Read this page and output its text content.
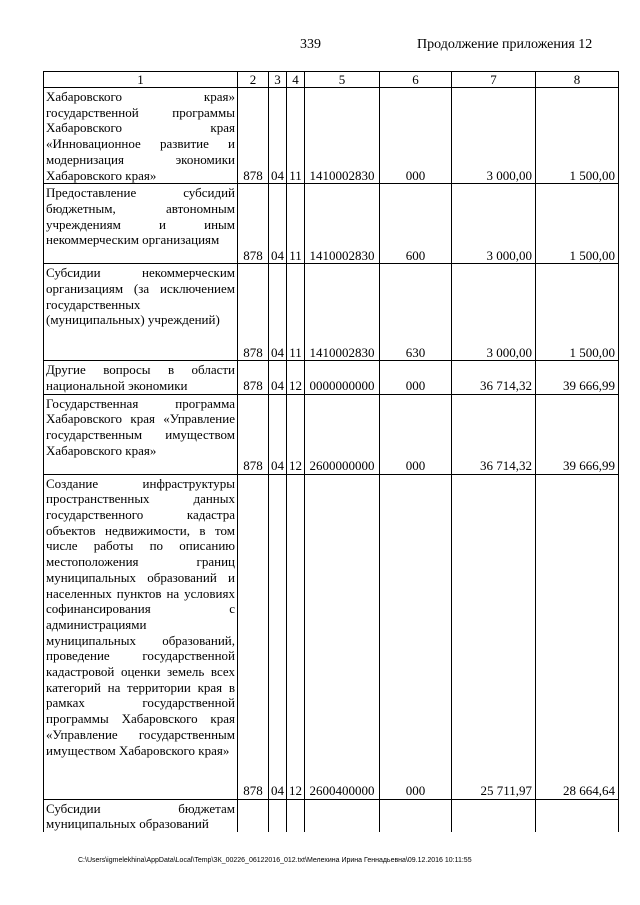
339	Продолжение приложения 12
1	2	3	4	5	6	7	8
Хабаровского края» государственной программы Хабаровского края «Инновационное развитие и модернизация экономики Хабаровского края»	878	04	11	1410002830	000	3 000,00	1 500,00
Предоставление субсидий бюджетным, автономным учреждениям и иным некоммерческим организациям	878	04	11	1410002830	600	3 000,00	1 500,00
Субсидии некоммерческим организациям (за исключением государственных (муниципальных) учреждений)	878	04	11	1410002830	630	3 000,00	1 500,00
Другие вопросы в области национальной экономики	878	04	12	0000000000	000	36 714,32	39 666,99
Государственная программа Хабаровского края «Управление государственным имуществом Хабаровского края»	878	04	12	2600000000	000	36 714,32	39 666,99
Создание инфраструктуры пространственных данных государственного кадастра объектов недвижимости, в том числе работы по описанию местоположения границ муниципальных образований и населенных пунктов на условиях софинансирования с администрациями муниципальных образований, проведение государственной кадастровой оценки земель всех категорий на территории края в рамках государственной программы Хабаровского края «Управление государственным имуществом Хабаровского края»	878	04	12	2600400000	000	25 711,97	28 664,64
Субсидии бюджетам муниципальных образований							
C:\Users\igmelekhina\AppData\Local\Temp\ЗК_00226_06122016_012.txt\Мелехина Ирина Геннадьевна\09.12.2016 10:11:55
